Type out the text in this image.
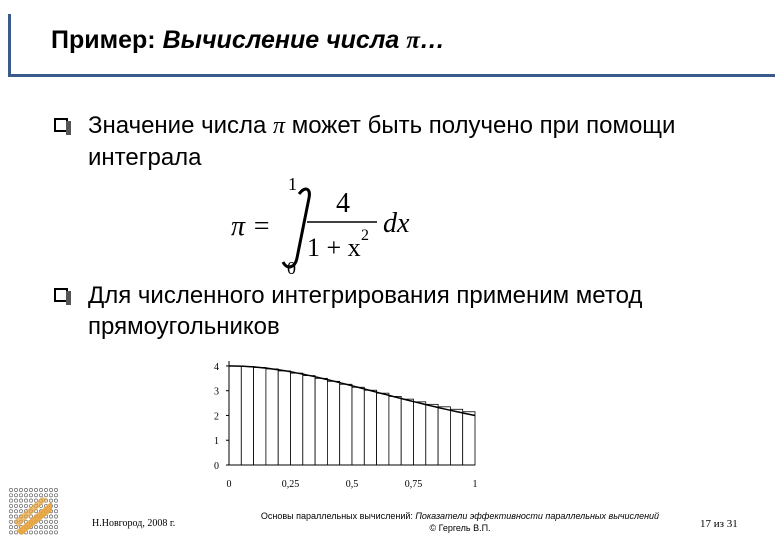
Пример: Вычисление числа π…
Значение числа π может быть получено при помощи интеграла
π =
1
0
4
1 + x 2 dx
Для численного интегрирования применим метод прямоугольников
0
1
2
3
4
0	0,25	0,5	0,75	1
Н.Новгород, 2008 г.
Основы параллельных вычислений: Показатели эффективности параллельных вычислений
© Гергель В.П.	17 из 31
